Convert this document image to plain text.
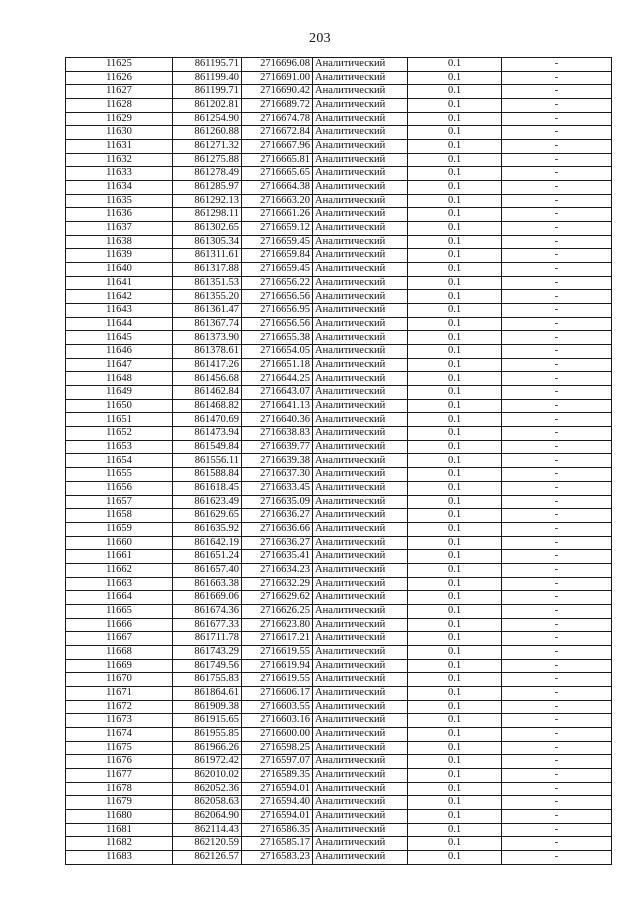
203
11625	861195.71	2716696.08	Аналитический	0.1	-
11626	861199.40	2716691.00	Аналитический	0.1	-
11627	861199.71	2716690.42	Аналитический	0.1	-
11628	861202.81	2716689.72	Аналитический	0.1	-
11629	861254.90	2716674.78	Аналитический	0.1	-
11630	861260.88	2716672.84	Аналитический	0.1	-
11631	861271.32	2716667.96	Аналитический	0.1	-
11632	861275.88	2716665.81	Аналитический	0.1	-
11633	861278.49	2716665.65	Аналитический	0.1	-
11634	861285.97	2716664.38	Аналитический	0.1	-
11635	861292.13	2716663.20	Аналитический	0.1	-
11636	861298.11	2716661.26	Аналитический	0.1	-
11637	861302.65	2716659.12	Аналитический	0.1	-
11638	861305.34	2716659.45	Аналитический	0.1	-
11639	861311.61	2716659.84	Аналитический	0.1	-
11640	861317.88	2716659.45	Аналитический	0.1	-
11641	861351.53	2716656.22	Аналитический	0.1	-
11642	861355.20	2716656.56	Аналитический	0.1	-
11643	861361.47	2716656.95	Аналитический	0.1	-
11644	861367.74	2716656.56	Аналитический	0.1	-
11645	861373.90	2716655.38	Аналитический	0.1	-
11646	861378.61	2716654.05	Аналитический	0.1	-
11647	861417.26	2716651.18	Аналитический	0.1	-
11648	861456.68	2716644.25	Аналитический	0.1	-
11649	861462.84	2716643.07	Аналитический	0.1	-
11650	861468.82	2716641.13	Аналитический	0.1	-
11651	861470.69	2716640.36	Аналитический	0.1	-
11652	861473.94	2716638.83	Аналитический	0.1	-
11653	861549.84	2716639.77	Аналитический	0.1	-
11654	861556.11	2716639.38	Аналитический	0.1	-
11655	861588.84	2716637.30	Аналитический	0.1	-
11656	861618.45	2716633.45	Аналитический	0.1	-
11657	861623.49	2716635.09	Аналитический	0.1	-
11658	861629.65	2716636.27	Аналитический	0.1	-
11659	861635.92	2716636.66	Аналитический	0.1	-
11660	861642.19	2716636.27	Аналитический	0.1	-
11661	861651.24	2716635.41	Аналитический	0.1	-
11662	861657.40	2716634.23	Аналитический	0.1	-
11663	861663.38	2716632.29	Аналитический	0.1	-
11664	861669.06	2716629.62	Аналитический	0.1	-
11665	861674.36	2716626.25	Аналитический	0.1	-
11666	861677.33	2716623.80	Аналитический	0.1	-
11667	861711.78	2716617.21	Аналитический	0.1	-
11668	861743.29	2716619.55	Аналитический	0.1	-
11669	861749.56	2716619.94	Аналитический	0.1	-
11670	861755.83	2716619.55	Аналитический	0.1	-
11671	861864.61	2716606.17	Аналитический	0.1	-
11672	861909.38	2716603.55	Аналитический	0.1	-
11673	861915.65	2716603.16	Аналитический	0.1	-
11674	861955.85	2716600.00	Аналитический	0.1	-
11675	861966.26	2716598.25	Аналитический	0.1	-
11676	861972.42	2716597.07	Аналитический	0.1	-
11677	862010.02	2716589.35	Аналитический	0.1	-
11678	862052.36	2716594.01	Аналитический	0.1	-
11679	862058.63	2716594.40	Аналитический	0.1	-
11680	862064.90	2716594.01	Аналитический	0.1	-
11681	862114.43	2716586.35	Аналитический	0.1	-
11682	862120.59	2716585.17	Аналитический	0.1	-
11683	862126.57	2716583.23	Аналитический	0.1	-
